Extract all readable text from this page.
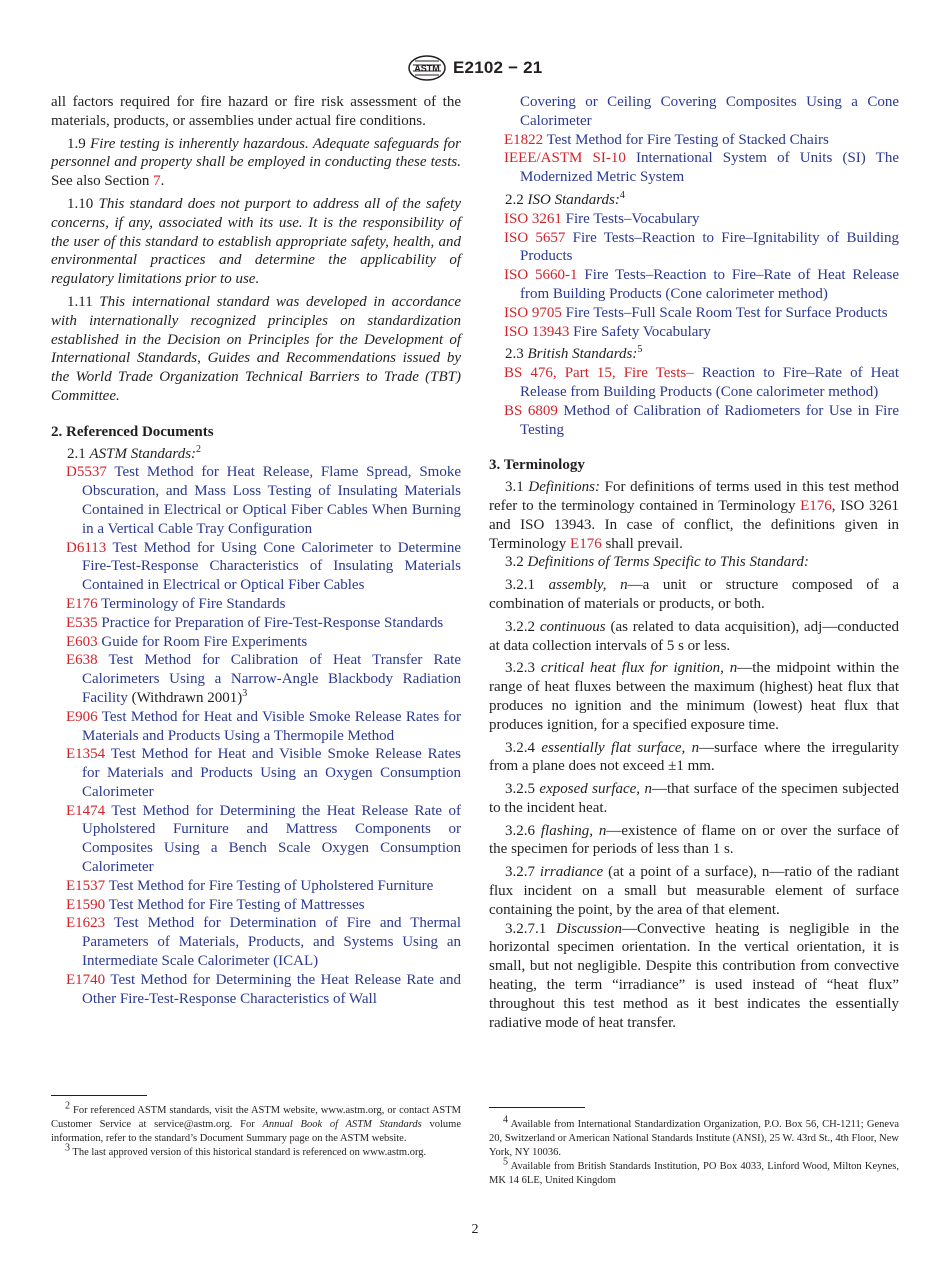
ASTM E2102 − 21

all factors required for fire hazard or fire risk assessment of the materials, products, or assemblies under actual fire conditions.

1.9 Fire testing is inherently hazardous. Adequate safeguards for personnel and property shall be employed in conducting these tests. See also Section 7.

1.10 This standard does not purport to address all of the safety concerns, if any, associated with its use. It is the responsibility of the user of this standard to establish appropriate safety, health, and environmental practices and determine the applicability of regulatory limitations prior to use.

1.11 This international standard was developed in accordance with internationally recognized principles on standardization established in the Decision on Principles for the Development of International Standards, Guides and Recommendations issued by the World Trade Organization Technical Barriers to Trade (TBT) Committee.

2. Referenced Documents

2.1 ASTM Standards:$^2$

D5537 Test Method for Heat Release, Flame Spread, Smoke Obscuration, and Mass Loss Testing of Insulating Materials Contained in Electrical or Optical Fiber Cables When Burning in a Vertical Cable Tray Configuration

D6113 Test Method for Using Cone Calorimeter to Determine Fire-Test-Response Characteristics of Insulating Materials Contained in Electrical or Optical Fiber Cables

E176 Terminology of Fire Standards

E535 Practice for Preparation of Fire-Test-Response Standards

E603 Guide for Room Fire Experiments

E638 Test Method for Calibration of Heat Transfer Rate Calorimeters Using a Narrow-Angle Blackbody Radiation Facility (Withdrawn 2001)$^3$

E906 Test Method for Heat and Visible Smoke Release Rates for Materials and Products Using a Thermopile Method

E1354 Test Method for Heat and Visible Smoke Release Rates for Materials and Products Using an Oxygen Consumption Calorimeter

E1474 Test Method for Determining the Heat Release Rate of Upholstered Furniture and Mattress Components or Composites Using a Bench Scale Oxygen Consumption Calorimeter

E1537 Test Method for Fire Testing of Upholstered Furniture

E1590 Test Method for Fire Testing of Mattresses

E1623 Test Method for Determination of Fire and Thermal Parameters of Materials, Products, and Systems Using an Intermediate Scale Calorimeter (ICAL)

E1740 Test Method for Determining the Heat Release Rate and Other Fire-Test-Response Characteristics of Wall

2 For referenced ASTM standards, visit the ASTM website, www.astm.org, or contact ASTM Customer Service at service@astm.org. For Annual Book of ASTM Standards volume information, refer to the standard’s Document Summary page on the ASTM website.

3 The last approved version of this historical standard is referenced on www.astm.org.

Covering or Ceiling Covering Composites Using a Cone Calorimeter

E1822 Test Method for Fire Testing of Stacked Chairs

IEEE/ASTM SI-10 International System of Units (SI) The Modernized Metric System

2.2 ISO Standards:$^4$

ISO 3261 Fire Tests–Vocabulary

ISO 5657 Fire Tests–Reaction to Fire–Ignitability of Building Products

ISO 5660-1 Fire Tests–Reaction to Fire–Rate of Heat Release from Building Products (Cone calorimeter method)

ISO 9705 Fire Tests–Full Scale Room Test for Surface Products

ISO 13943 Fire Safety Vocabulary

2.3 British Standards:$^5$

BS 476, Part 15, Fire Tests– Reaction to Fire–Rate of Heat Release from Building Products (Cone calorimeter method)

BS 6809 Method of Calibration of Radiometers for Use in Fire Testing

3. Terminology

3.1 Definitions: For definitions of terms used in this test method refer to the terminology contained in Terminology E176, ISO 3261 and ISO 13943. In case of conflict, the definitions given in Terminology E176 shall prevail.

3.2 Definitions of Terms Specific to This Standard:

3.2.1 assembly, n—a unit or structure composed of a combination of materials or products, or both.

3.2.2 continuous (as related to data acquisition), adj—conducted at data collection intervals of 5 s or less.

3.2.3 critical heat flux for ignition, n—the midpoint within the range of heat fluxes between the maximum (highest) heat flux that produces no ignition and the minimum (lowest) heat flux that produces ignition, for a specified exposure time.

3.2.4 essentially flat surface, n—surface where the irregularity from a plane does not exceed ±1 mm.

3.2.5 exposed surface, n—that surface of the specimen subjected to the incident heat.

3.2.6 flashing, n—existence of flame on or over the surface of the specimen for periods of less than 1 s.

3.2.7 irradiance (at a point of a surface), n—ratio of the radiant flux incident on a small but measurable element of surface containing the point, by the area of that element.

3.2.7.1 Discussion—Convective heating is negligible in the horizontal specimen orientation. In the vertical orientation, it is small, but not negligible. Despite this contribution from convective heating, the term “irradiance” is used instead of “heat flux” throughout this test method as it best indicates the essentially radiative mode of heat transfer.

4 Available from International Standardization Organization, P.O. Box 56, CH-1211; Geneva 20, Switzerland or American National Standards Institute (ANSI), 25 W. 43rd St., 4th Floor, New York, NY 10036.

5 Available from British Standards Institution, PO Box 4033, Linford Wood, Milton Keynes, MK 14 6LE, United Kingdom

2
